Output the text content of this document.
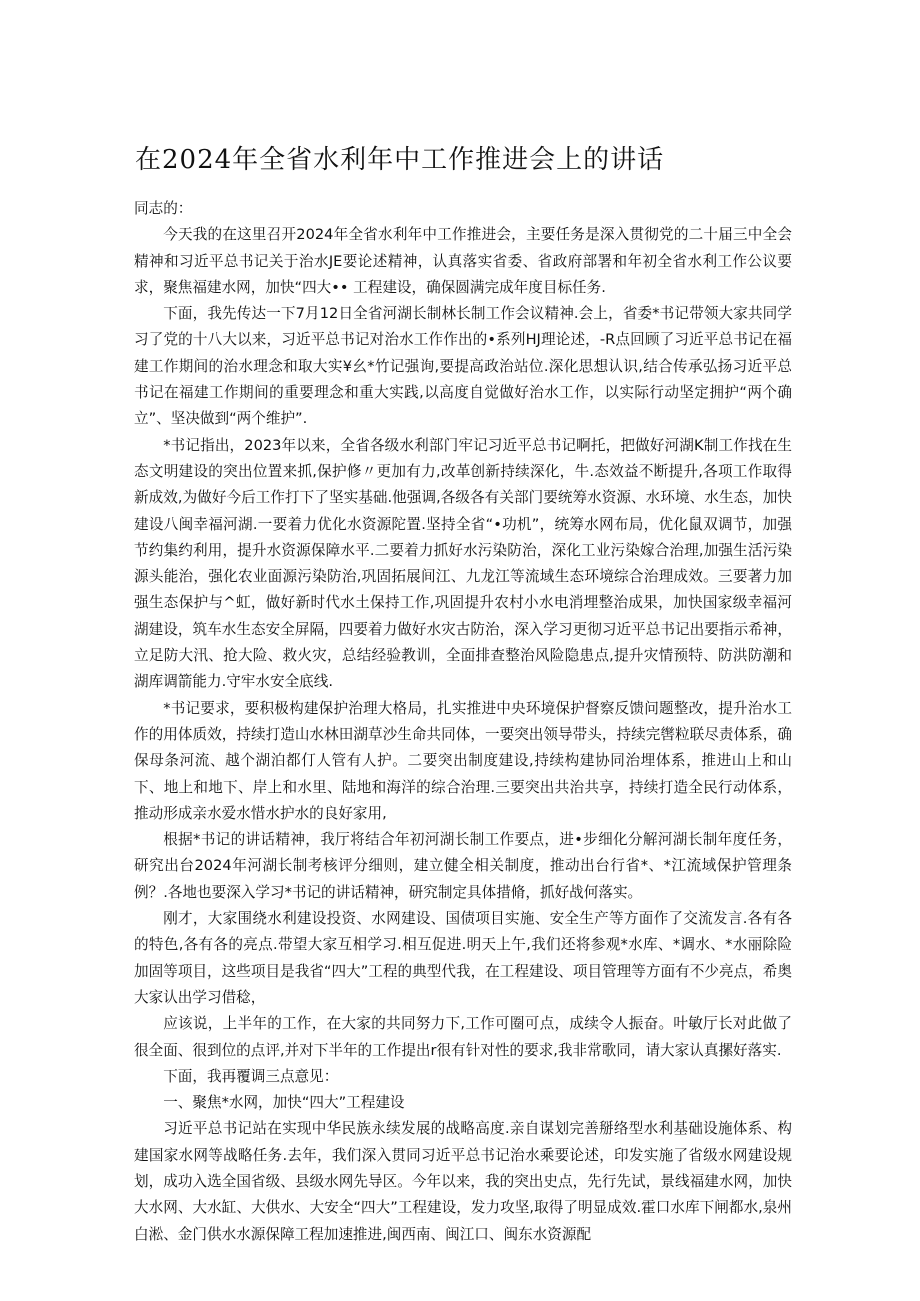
在2024年全省水利年中工作推进会上的讲话

同志的：

今天我的在这里召开2024年全省水利年中工作推进会，主要任务是深入贯彻党的二十届三中全会精神和习近平总书记关于治水JE要论述精神，认真落实省委、省政府部署和年初全省水利工作公议要求，聚焦福建水网，加快“四大•• 工程建设，确保圆满完成年度目标任务.

下面，我先传达一下7月12日全省河湖长制林长制工作会议精神.会上，省委*书记带领大家共同学习了党的十八大以来，习近平总书记对治水工作作出的•系列HJ理论述，-R点回顾了习近平总书记在福建工作期间的治水理念和取大实¥幺*竹记强询,要提高政治站位.深化思想认识,结合传承弘扬习近平总书记在福建工作期间的重要理念和重大实践,以高度自觉做好治水工作，以实际行动坚定拥护“两个确立”、坚决做到“两个维护”.

*书记指出，2023年以来，全省各级水利部门牢记习近平总书记啊托，把做好河湖K制工作找在生态文明建设的突出位置来抓,保护修〃更加有力,改革创新持续深化，牛.态效益不断提升,各项工作取得新成效,为做好今后工作打下了坚实基础.他强调,各级各有关部门要统筹水资源、水环境、水生态，加快建设八闽幸福河湖.一要着力优化水资源陀置.坚持全省“•功机”，统筹水网布局，优化鼠双调节，加强节约集约利用，提升水资源保障水平.二要着力抓好水污染防治，深化工业污染嫁合治理,加强生活污染源头能治，强化农业面源污染防治,巩固拓展间江、九龙江等流域生态环境综合治理成效。三要著力加强生态保护与^虹，做好新时代水土保持工作,巩固提升农村小水电消埋整治成果，加快国家级幸福河湖建设，筑车水生态安全屏隔，四要着力做好水灾古防治，深入学习更彻习近平总书记出要指示希神，立足防大汛、抢大险、救火灾，总结经验教训，全面排查整治风险隐患点,提升灾情预特、防洪防潮和湖库调箭能力.守牢水安全底线.

*书记要求，要积极构建保护治理大格局，扎实推进中央环境保护督察反馈问题整改，提升治水工作的用体质效，持续打造山水林田湖草沙生命共同体，一要突出领导带头，持续完辔粒联尽责体系，确保母条河流、越个湖泊都仃人管有人护。二要突出制度建设,持续构建协同治埋体系，推进山上和山下、地上和地下、岸上和水里、陆地和海洋的综合治理.三要突出共治共享，持续打造全民行动体系，推动形成亲水爱水惜水护水的良好家用,

根据*书记的讲话精神，我厅将结合年初河湖长制工作要点，进•步细化分解河湖长制年度任务，研究出台2024年河湖长制考核评分细则，建立健全相关制度，推动出台行省*、*江流域保护管理条例？.各地也要深入学习*书记的讲话精神，研究制定具体措脩，抓好战何落实。

刚才，大家围绕水利建设投资、水网建设、国债项目实施、安全生产等方面作了交流发言.各有各的特色,各有各的亮点.带望大家互相学习.相互促进.明天上午,我们还将参观*水库、*调水、*水丽除险加固等项目，这些项目是我省“四大”工程的典型代我，在工程建设、项目管理等方面有不少亮点，希奥大家认出学习借稔，

应该说，上半年的工作，在大家的共同努力下,工作可圈可点，成续令人振奋。叶敏厅长对此做了很全面、很到位的点评,并对下半年的工作提出r很有针对性的要求,我非常歌同，请大家认真摞好落实.

下面，我再覆调三点意见：

一、聚焦*水网，加快“四大”工程建设

习近平总书记站在实现中华民族永续发展的战略高度.亲自谋划完善掰络型水利基础设施体系、构建国家水网等战略任务.去年，我们深入贯同习近平总书记治水乘要论述，印发实施了省级水网建设规划，成功入选全国省级、县级水网先导区。今年以来，我的突出史点，先行先试，景线福建水网，加快大水网、大水缸、大供水、大安全“四大”工程建设，发力攻坚,取得了明显成效.霍口水库下闸都水,泉州白淞、金门供水水源保障工程加速推进,闽西南、闽江口、闽东水资源配
